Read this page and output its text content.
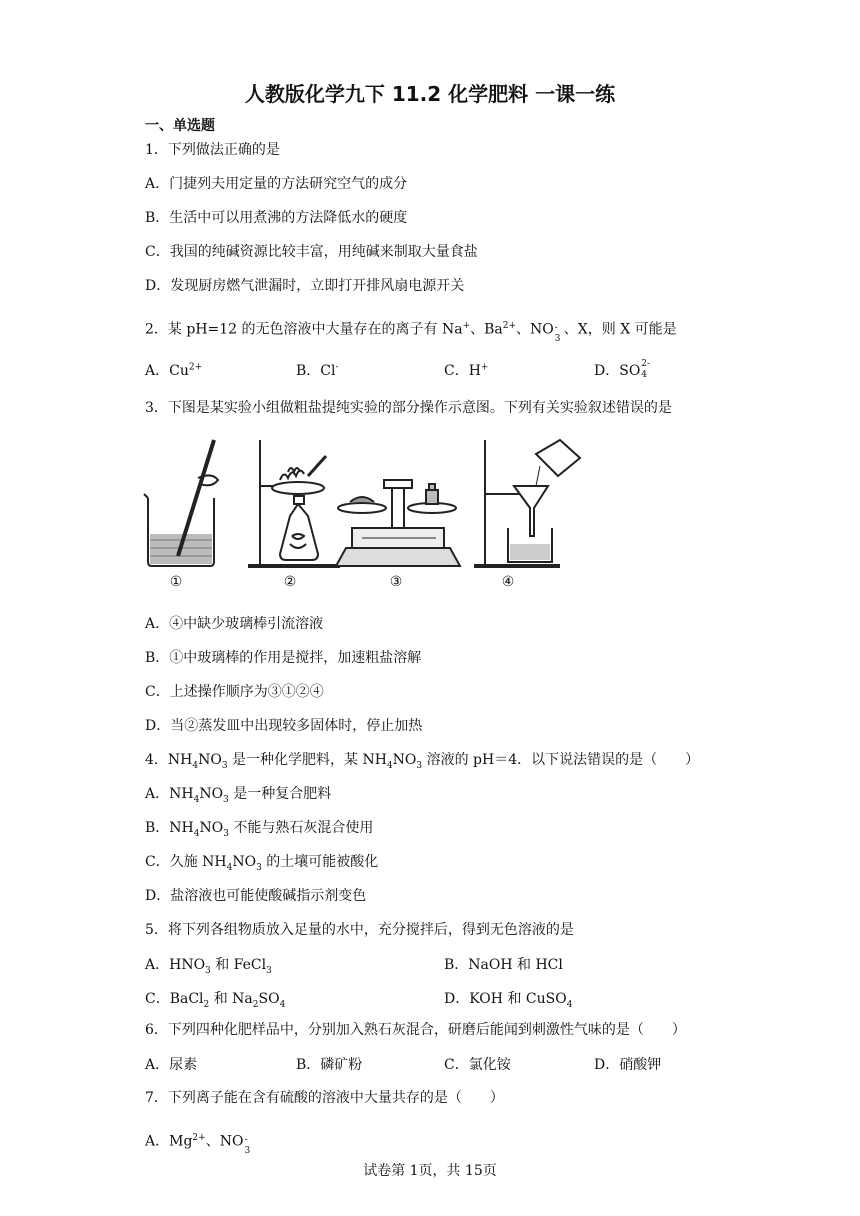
人教版化学九下 11.2 化学肥料 一课一练
一、单选题
1．下列做法正确的是
A．门捷列夫用定量的方法研究空气的成分
B．生活中可以用煮沸的方法降低水的硬度
C．我国的纯碱资源比较丰富，用纯碱来制取大量食盐
D．发现厨房燃气泄漏时，立即打开排风扇电源开关
2．某 pH=12 的无色溶液中大量存在的离子有 Na+、$Ba^{2+}$、NO -
3
、X，则 X 可能是
A．$Cu^{2+}$	B．Cl-	C．H+	D．SO 2-
4
3．下图是某实验小组做粗盐提纯实验的部分操作示意图。下列有关实验叙述错误的是
①	②	③	④
A．④中缺少玻璃棒引流溶液
B．①中玻璃棒的作用是搅拌，加速粗盐溶解
C．上述操作顺序为③①②④
D．当②蒸发皿中出现较多固体时，停止加热
4．$NH_4NO_3$ 是一种化学肥料，某 $NH_4NO_3$ 溶液的 pH＝4．以下说法错误的是（　　）
A．$NH_4NO_3$ 是一种复合肥料
B．$NH_4NO_3$ 不能与熟石灰混合使用
C．久施 $NH_4NO_3$ 的土壤可能被酸化
D．盐溶液也可能使酸碱指示剂变色
5．将下列各组物质放入足量的水中，充分搅拌后，得到无色溶液的是
A．$HNO_3$ 和 FeCl$_3$	B．NaOH 和 HCl
C．BaCl$_2$ 和 $Na_2SO_4$	D．KOH 和 CuSO$_4$
6．下列四种化肥样品中，分别加入熟石灰混合，研磨后能闻到刺激性气味的是（　　）
A．尿素	B．磷矿粉	C．氯化铵	D．硝酸钾
7．下列离子能在含有硫酸的溶液中大量共存的是（　　）
A．$Mg^{2+}$、NO -
3
试卷第 1页，共 15页
